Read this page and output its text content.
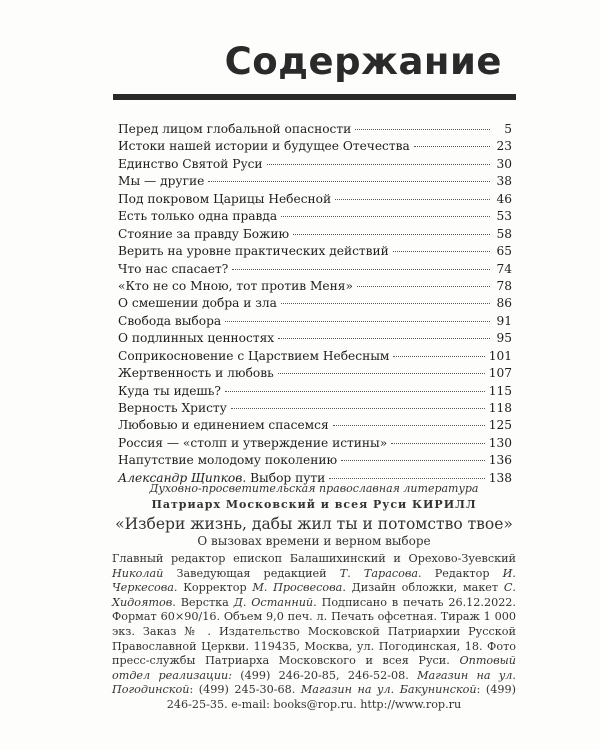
Содержание
Перед лицом глобальной опасности	5
Истоки нашей истории и будущее Отечества	23
Единство Святой Руси	30
Мы — другие	38
Под покровом Царицы Небесной	46
Есть только одна правда	53
Стояние за правду Божию	58
Верить на уровне практических действий	65
Что нас спасает?	74
«Кто не со Мною, тот против Меня»	78
О смешении добра и зла	86
Свобода выбора	91
О подлинных ценностях	95
Соприкосновение с Царствием Небесным	101
Жертвенность и любовь	107
Куда ты идешь?	115
Верность Христу	118
Любовью и единением спасемся	125
Россия — «столп и утверждение истины»	130
Напутствие молодому поколению	136
Александр Щипков. Выбор пути	138
Духовно-просветительская православная литература
Патриарх Московский и всея Руси КИРИЛЛ
«Избери жизнь, дабы жил ты и потомство твое»
О вызовах времени и верном выборе
Главный редактор епископ Балашихинский и Орехово-Зуевский Николай Заведующая редакцией Т. Тарасова. Редактор И. Черкесова. Корректор М. Просвесова. Дизайн обложки, макет С. Хидоятов. Верстка Д. Останний. Подписано в печать 26.12.2022. Формат 60×90/16. Объем 9,0 печ. л. Печать офсетная. Тираж 1 000 экз. Заказ № . Издательство Московской Патриархии Русской Православной Церкви. 119435, Москва, ул. Погодинская, 18. Фото пресс-службы Патриарха Московского и всея Руси. Оптовый отдел реализации: (499) 246-20-85, 246-52-08. Магазин на ул. Погодинской: (499) 245-30-68. Магазин на ул. Бакунинской: (499) 246-25-35. e-mail: books@rop.ru. http://www.rop.ru
